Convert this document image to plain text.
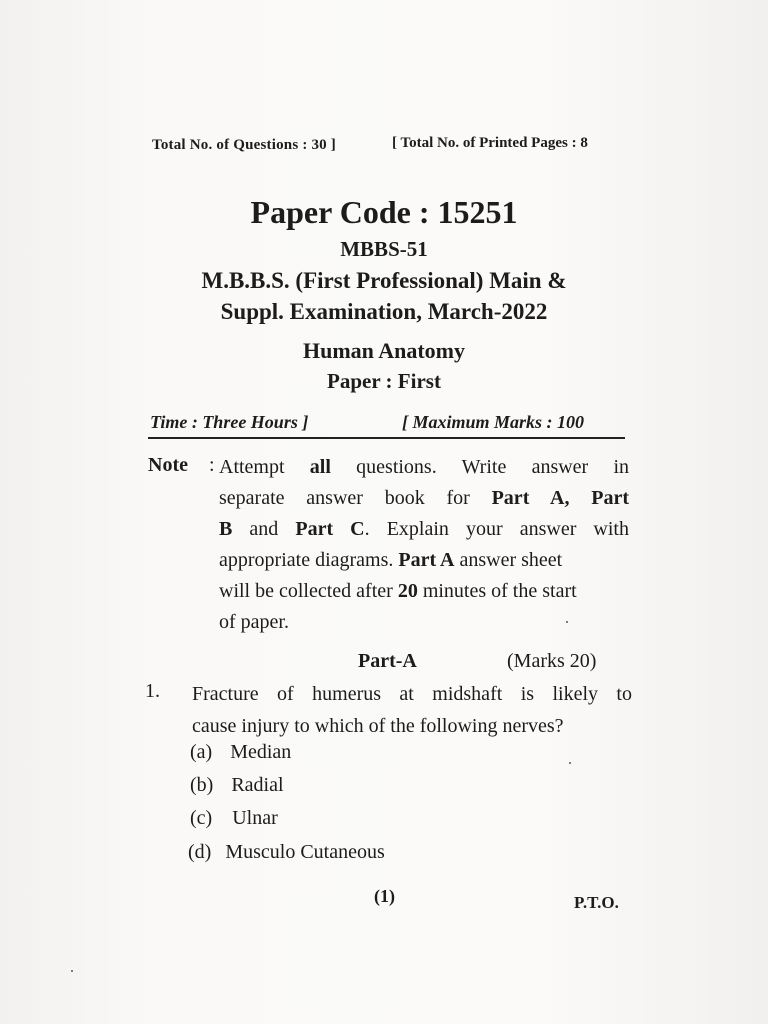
Total No. of Questions : 30 ]	[ Total No. of Printed Pages : 8
Paper Code : 15251
MBBS-51
M.B.B.S. (First Professional) Main &
Suppl. Examination, March-2022
Human Anatomy
Paper : First
Time : Three Hours ]	[ Maximum Marks : 100
Note : Attempt all questions. Write answer in
separate answer book for Part A, Part
B and Part C. Explain your answer with
appropriate diagrams. Part A answer sheet
will be collected after 20 minutes of the start
of paper.
Part-A	(Marks 20)
1. Fracture of humerus at midshaft is likely to
cause injury to which of the following nerves?
(a) Median
(b) Radial
(c) Ulnar
(d) Musculo Cutaneous
(1)	P.T.O.
